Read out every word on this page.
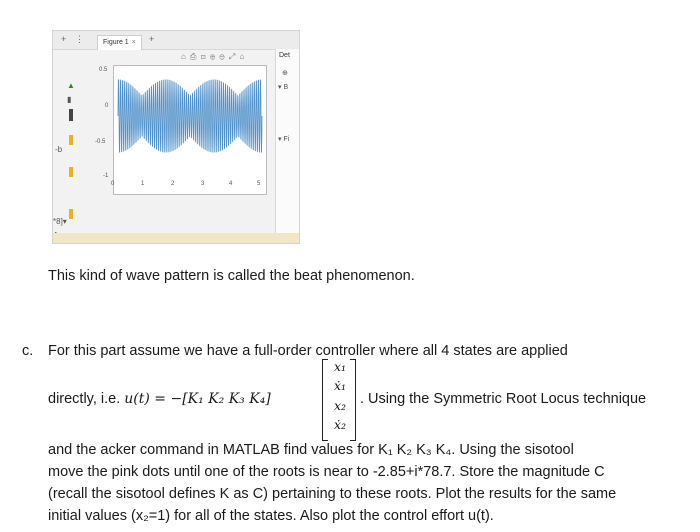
+ ⋮	Figure 1 ×	+
⌂ ⎙ ⊡ ⊕ ⊖ ⤢ ⌂
▲
▮
-b
*8]▾
0.5
0
-0.5
-1
0	1	2	3	4	5
Det
⊕
▾ B
▾ Fi
This kind of wave pattern is called the beat phenomenon.
c. For this part assume we have a full-order controller where all 4 states are applied
directly, i.e. u(t) = −[K₁ K₂ K₃ K₄]
x₁
ẋ₁
x₂
ẋ₂
. Using the Symmetric Root Locus technique
and the acker command in MATLAB find values for K₁ K₂ K₃ K₄. Using the sisotool
move the pink dots until one of the roots is near to -2.85+i*78.7. Store the magnitude C
(recall the sisotool defines K as C) pertaining to these roots. Plot the results for the same
initial values (x₂=1) for all of the states. Also plot the control effort u(t).
